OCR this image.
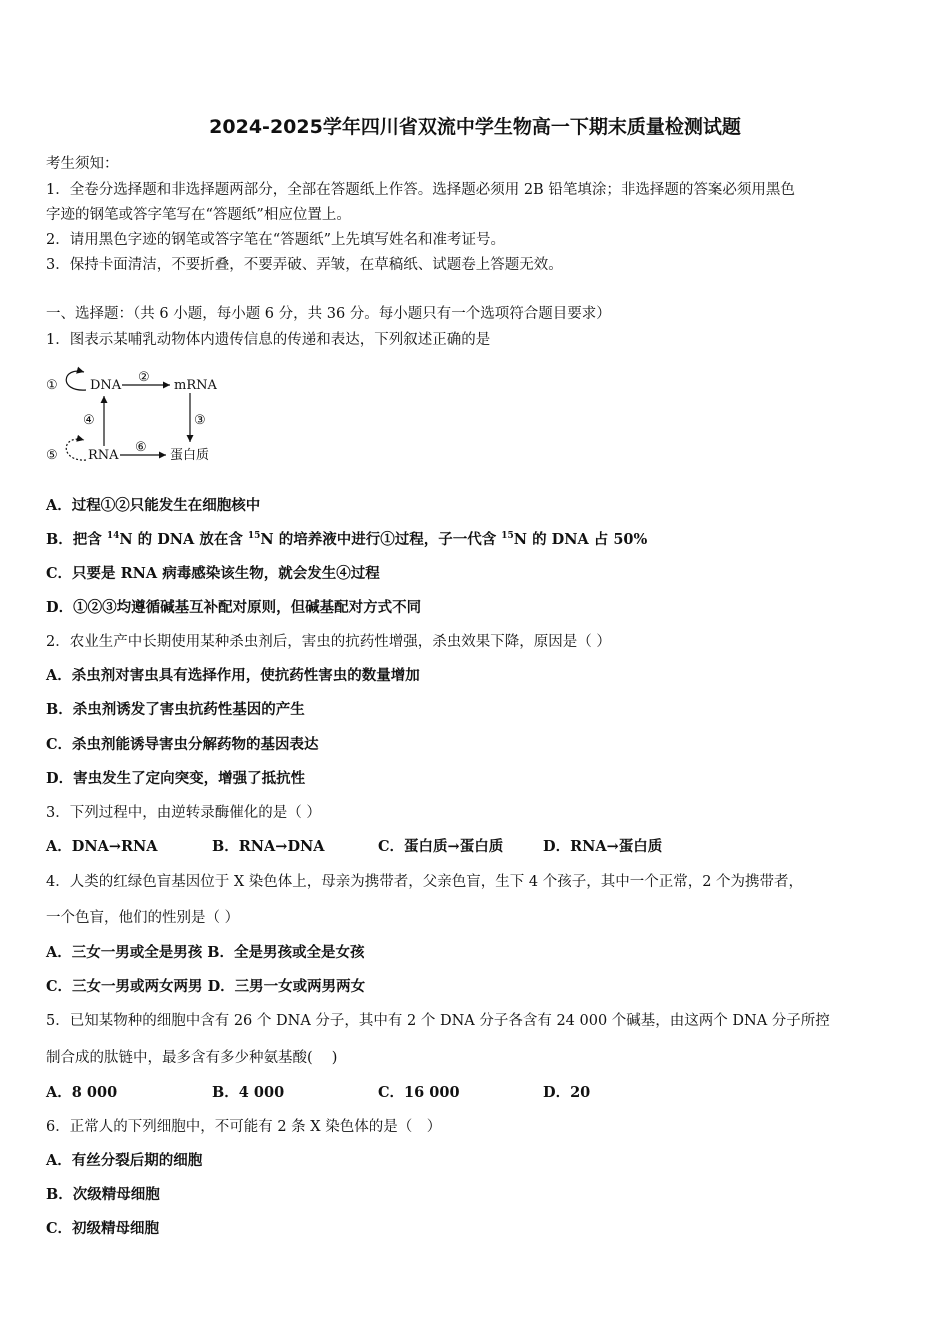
2024-2025学年四川省双流中学生物高一下期末质量检测试题
考生须知：
1．全卷分选择题和非选择题两部分，全部在答题纸上作答。选择题必须用 2B 铅笔填涂；非选择题的答案必须用黑色
字迹的钢笔或答字笔写在“答题纸”相应位置上。
2．请用黑色字迹的钢笔或答字笔在“答题纸”上先填写姓名和准考证号。
3．保持卡面清洁，不要折叠，不要弄破、弄皱，在草稿纸、试题卷上答题无效。
一、选择题：（共 6 小题，每小题 6 分，共 36 分。每小题只有一个选项符合题目要求）
1．图表示某哺乳动物体内遗传信息的传递和表达，下列叙述正确的是
① DNA
②
mRNA
③
④
⑤ RNA
⑥
蛋白质
A．过程①②只能发生在细胞核中
B．把含 $^{14}$N 的 DNA 放在含 $^{15}$N 的培养液中进行①过程，子一代含 $^{15}$N 的 DNA 占 50%
C．只要是 RNA 病毒感染该生物，就会发生④过程
D．①②③均遵循碱基互补配对原则，但碱基配对方式不同
2．农业生产中长期使用某种杀虫剂后，害虫的抗药性增强，杀虫效果下降，原因是（ ）
A．杀虫剂对害虫具有选择作用，使抗药性害虫的数量增加
B．杀虫剂诱发了害虫抗药性基因的产生
C．杀虫剂能诱导害虫分解药物的基因表达
D．害虫发生了定向突变，增强了抵抗性
3．下列过程中，由逆转录酶催化的是（ ）
A．DNA→RNA	B．RNA→DNA	C．蛋白质→蛋白质	D．RNA→蛋白质
4．人类的红绿色盲基因位于 X 染色体上，母亲为携带者，父亲色盲，生下 4 个孩子，其中一个正常，2 个为携带者，
一个色盲，他们的性别是（ ）
A．三女一男或全是男孩 B．全是男孩或全是女孩
C．三女一男或两女两男 D．三男一女或两男两女
5．已知某物种的细胞中含有 26 个 DNA 分子，其中有 2 个 DNA 分子各含有 24 000 个碱基，由这两个 DNA 分子所控
制合成的肽链中，最多含有多少种氨基酸(　 )
A．8 000	B．4 000	C．16 000	D．20
6．正常人的下列细胞中，不可能有 2 条 X 染色体的是（　）
A．有丝分裂后期的细胞
B．次级精母细胞
C．初级精母细胞
